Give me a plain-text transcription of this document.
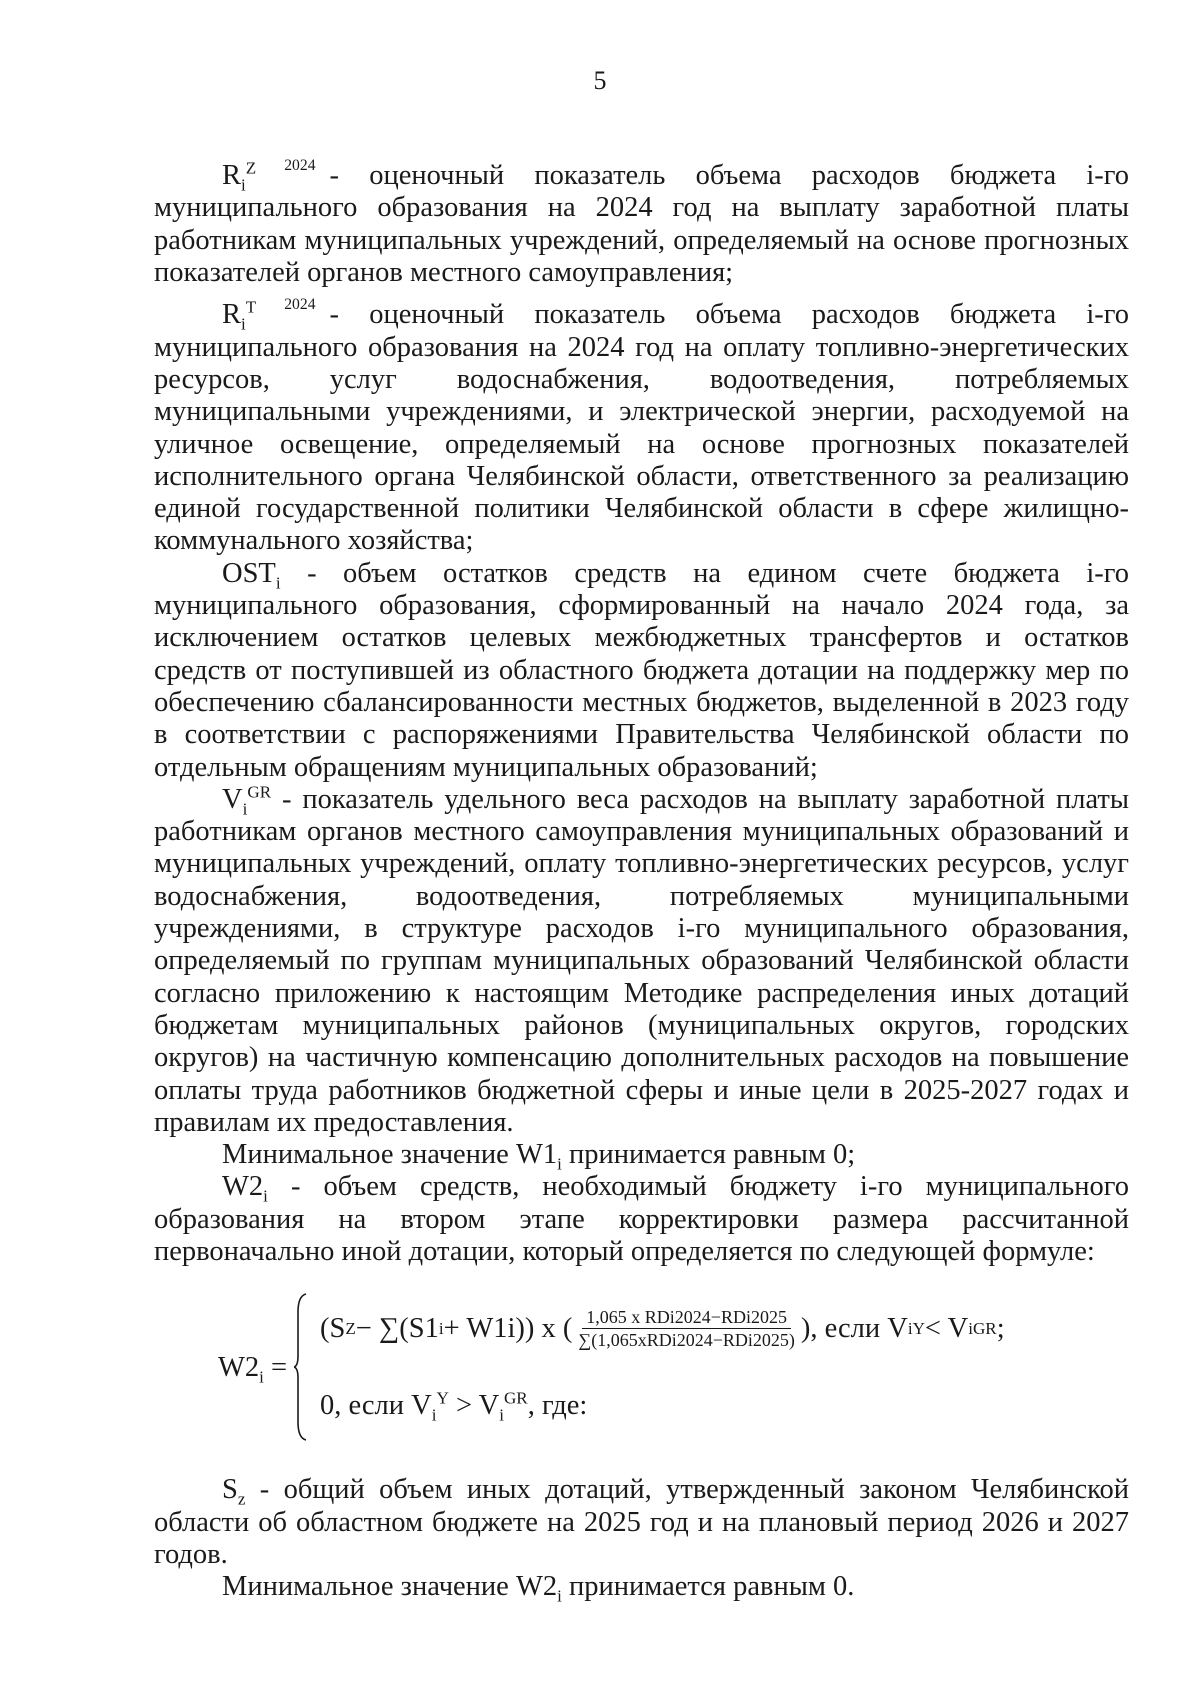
5

$R_i^Z$ $^{2024}$ - оценочный показатель объема расходов бюджета i-го муниципального образования на 2024 год на выплату заработной платы работникам муниципальных учреждений, определяемый на основе прогнозных показателей органов местного самоуправления;

$R_i^T$ $^{2024}$ - оценочный показатель объема расходов бюджета i-го муниципального образования на 2024 год на оплату топливно-энергетических ресурсов, услуг водоснабжения, водоотведения, потребляемых муниципальными учреждениями, и электрической энергии, расходуемой на уличное освещение, определяемый на основе прогнозных показателей исполнительного органа Челябинской области, ответственного за реализацию единой государственной политики Челябинской области в сфере жилищно-коммунального хозяйства;

$OST_i$ - объем остатков средств на едином счете бюджета i-го муниципального образования, сформированный на начало 2024 года, за исключением остатков целевых межбюджетных трансфертов и остатков средств от поступившей из областного бюджета дотации на поддержку мер по обеспечению сбалансированности местных бюджетов, выделенной в 2023 году в соответствии с распоряжениями Правительства Челябинской области по отдельным обращениям муниципальных образований;

$V_i^{GR}$ - показатель удельного веса расходов на выплату заработной платы работникам органов местного самоуправления муниципальных образований и муниципальных учреждений, оплату топливно-энергетических ресурсов, услуг водоснабжения, водоотведения, потребляемых муниципальными учреждениями, в структуре расходов i-го муниципального образования, определяемый по группам муниципальных образований Челябинской области согласно приложению к настоящим Методике распределения иных дотаций бюджетам муниципальных районов (муниципальных округов, городских округов) на частичную компенсацию дополнительных расходов на повышение оплаты труда работников бюджетной сферы и иные цели в 2025-2027 годах и правилам их предоставления.

Минимальное значение $W1_i$ принимается равным 0;

$W2_i$ - объем средств, необходимый бюджету i-го муниципального образования на втором этапе корректировки размера рассчитанной первоначально иной дотации, который определяется по следующей формуле:

$W2_i$ =
(S Z − ∑(S1 i + W1i)) x ( $\frac{\text{1,065 x RDi2024−RDi2025}}{\text{∑(1,065xRDi2024−RDi2025)}}$ ), если V i Y < V i GR ;
0, если $V_i^Y > V_i^{GR}$, где:

$S_z$ - общий объем иных дотаций, утвержденный законом Челябинской области об областном бюджете на 2025 год и на плановый период 2026 и 2027 годов.

Минимальное значение $W2_i$ принимается равным 0.
